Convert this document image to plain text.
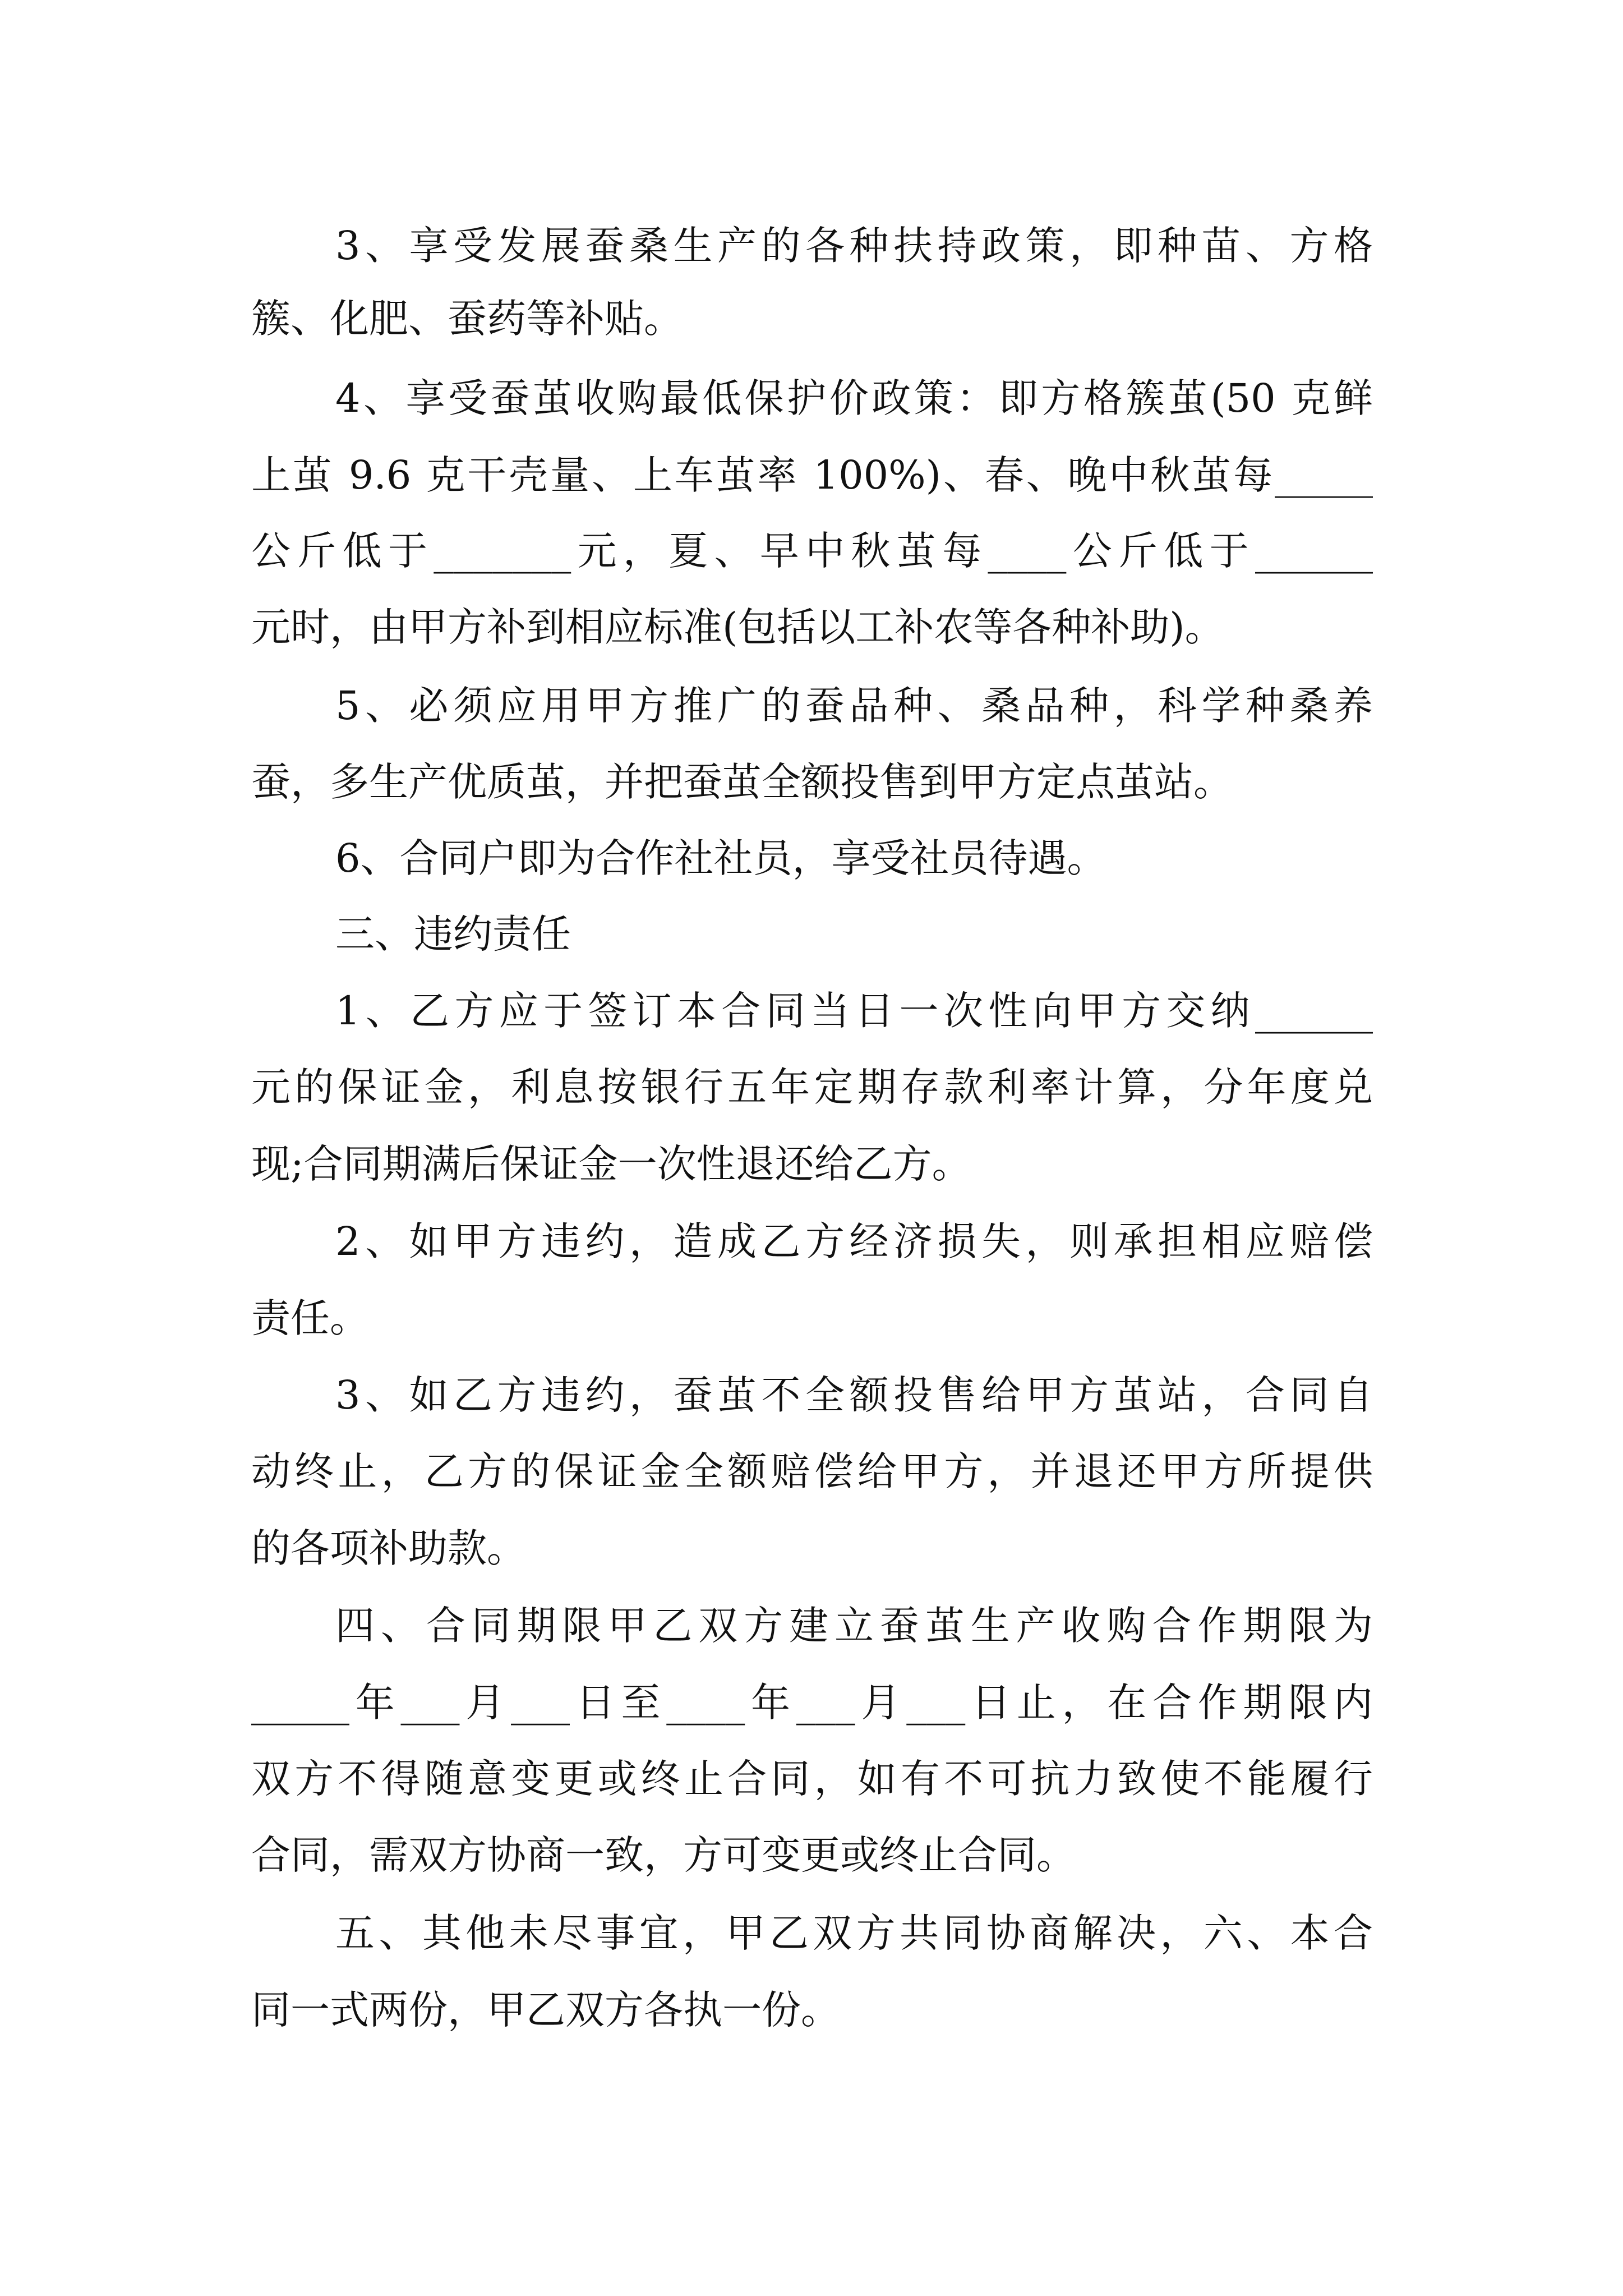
3、享受发展蚕桑生产的各种扶持政策，即种苗、方格

簇、化肥、蚕药等补贴。

4、享受蚕茧收购最低保护价政策：即方格簇茧(50 克鲜

上茧 9.6 克干壳量、上车茧率 100%)、春、晚中秋茧每_____

公斤低于_______元，夏、早中秋茧每____公斤低于______

元时，由甲方补到相应标准(包括以工补农等各种补助)。

5、必须应用甲方推广的蚕品种、桑品种，科学种桑养

蚕，多生产优质茧，并把蚕茧全额投售到甲方定点茧站。

6、合同户即为合作社社员，享受社员待遇。

三、违约责任

1、乙方应于签订本合同当日一次性向甲方交纳______

元的保证金，利息按银行五年定期存款利率计算，分年度兑

现;合同期满后保证金一次性退还给乙方。

2、如甲方违约，造成乙方经济损失，则承担相应赔偿

责任。

3、如乙方违约，蚕茧不全额投售给甲方茧站，合同自

动终止，乙方的保证金全额赔偿给甲方，并退还甲方所提供

的各项补助款。

四、合同期限甲乙双方建立蚕茧生产收购合作期限为

_____年___月___日至____年___月___日止，在合作期限内

双方不得随意变更或终止合同，如有不可抗力致使不能履行

合同，需双方协商一致，方可变更或终止合同。

五、其他未尽事宜，甲乙双方共同协商解决，六、本合

同一式两份，甲乙双方各执一份。
